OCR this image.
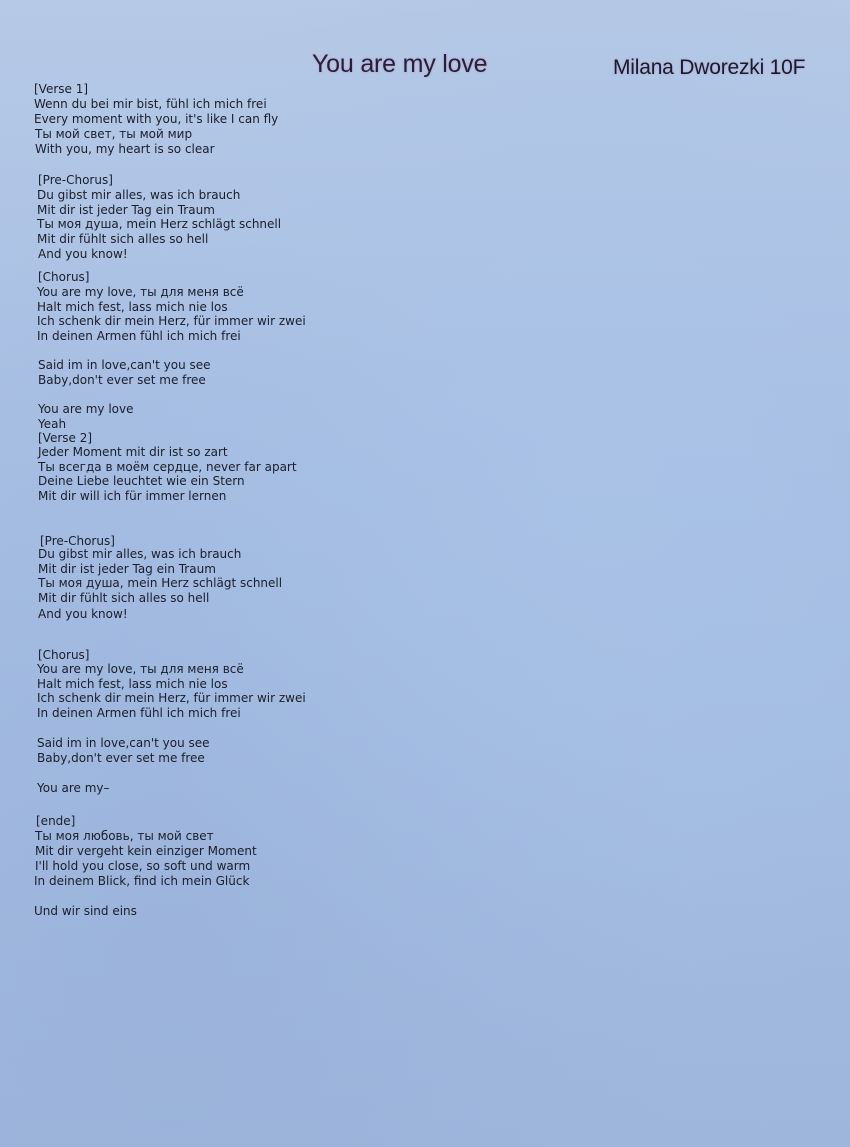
You are my love	Milana Dworezki 10F
[Verse 1]
Wenn du bei mir bist, fühl ich mich frei
Every moment with you, it's like I can fly
Ты мой свет, ты мой мир
With you, my heart is so clear
[Pre-Chorus]
Du gibst mir alles, was ich brauch
Mit dir ist jeder Tag ein Traum
Ты моя душа, mein Herz schlägt schnell
Mit dir fühlt sich alles so hell
And you know!
[Chorus]
You are my love, ты для меня всё
Halt mich fest, lass mich nie los
Ich schenk dir mein Herz, für immer wir zwei
In deinen Armen fühl ich mich frei
Said im in love,can't you see
Baby,don't ever set me free
You are my love
Yeah
[Verse 2]
Jeder Moment mit dir ist so zart
Ты всегда в моём сердце, never far apart
Deine Liebe leuchtet wie ein Stern
Mit dir will ich für immer lernen
[Pre-Chorus]
Du gibst mir alles, was ich brauch
Mit dir ist jeder Tag ein Traum
Ты моя душа, mein Herz schlägt schnell
Mit dir fühlt sich alles so hell
And you know!
[Chorus]
You are my love, ты для меня всё
Halt mich fest, lass mich nie los
Ich schenk dir mein Herz, für immer wir zwei
In deinen Armen fühl ich mich frei
Said im in love,can't you see
Baby,don't ever set me free
You are my–
[ende]
Ты моя любовь, ты мой свет
Mit dir vergeht kein einziger Moment
I'll hold you close, so soft und warm
In deinem Blick, find ich mein Glück
Und wir sind eins
